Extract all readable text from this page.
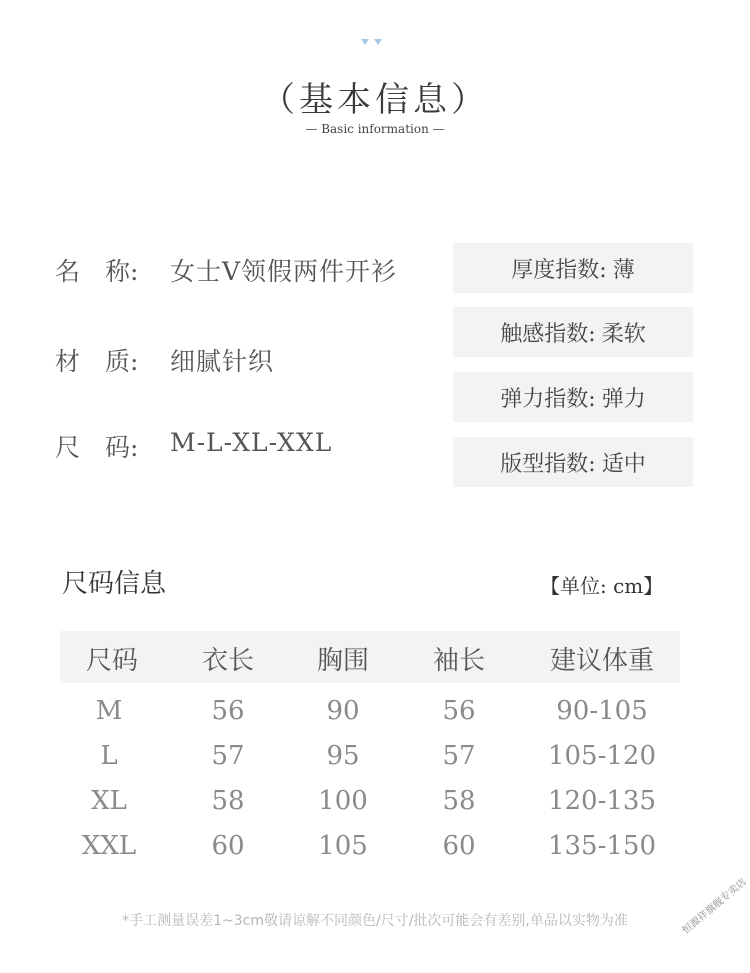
（基本信息）
— Basic information —
名　称:	女士V领假两件开衫
材　质:	细腻针织
尺　码:	M-L-XL-XXL
厚度指数: 薄
触感指数: 柔软
弹力指数: 弹力
版型指数: 适中
尺码信息	【单位: cm】
尺码 衣长 胸围 袖长 建议体重
M	56	90	56	90-105
L	57	95	57	105-120
XL	58	100	58	120-135
XXL	60	105	60	135-150
*手工测量误差1~3cm敬请谅解不同颜色/尺寸/批次可能会有差别,单品以实物为准	恒源祥旗舰专卖店
